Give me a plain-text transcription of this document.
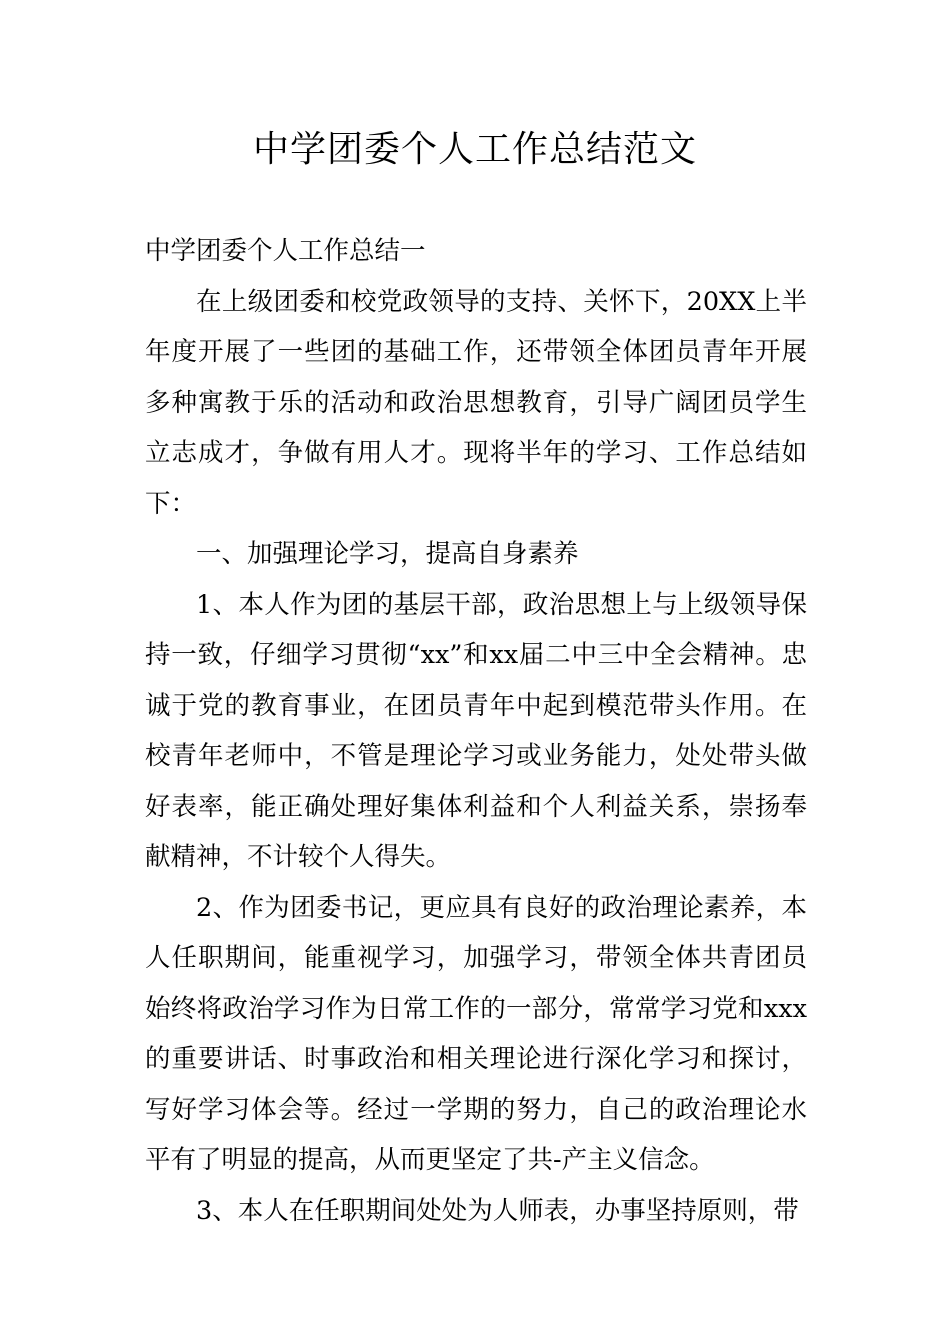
中学团委个人工作总结范文

中学团委个人工作总结一

在上级团委和校党政领导的支持、关怀下，20XX上半年度开展了一些团的基础工作，还带领全体团员青年开展多种寓教于乐的活动和政治思想教育，引导广阔团员学生立志成才，争做有用人才。现将半年的学习、工作总结如下：

一、加强理论学习，提高自身素养

1、本人作为团的基层干部，政治思想上与上级领导保持一致，仔细学习贯彻“xx”和xx届二中三中全会精神。忠诚于党的教育事业，在团员青年中起到模范带头作用。在校青年老师中，不管是理论学习或业务能力，处处带头做好表率，能正确处理好集体利益和个人利益关系，崇扬奉献精神，不计较个人得失。

2、作为团委书记，更应具有良好的政治理论素养，本人任职期间，能重视学习，加强学习，带领全体共青团员始终将政治学习作为日常工作的一部分，常常学习党和xxx的重要讲话、时事政治和相关理论进行深化学习和探讨，写好学习体会等。经过一学期的努力，自己的政治理论水平有了明显的提高，从而更坚定了共-产主义信念。

3、本人在任职期间处处为人师表，办事坚持原则，带
